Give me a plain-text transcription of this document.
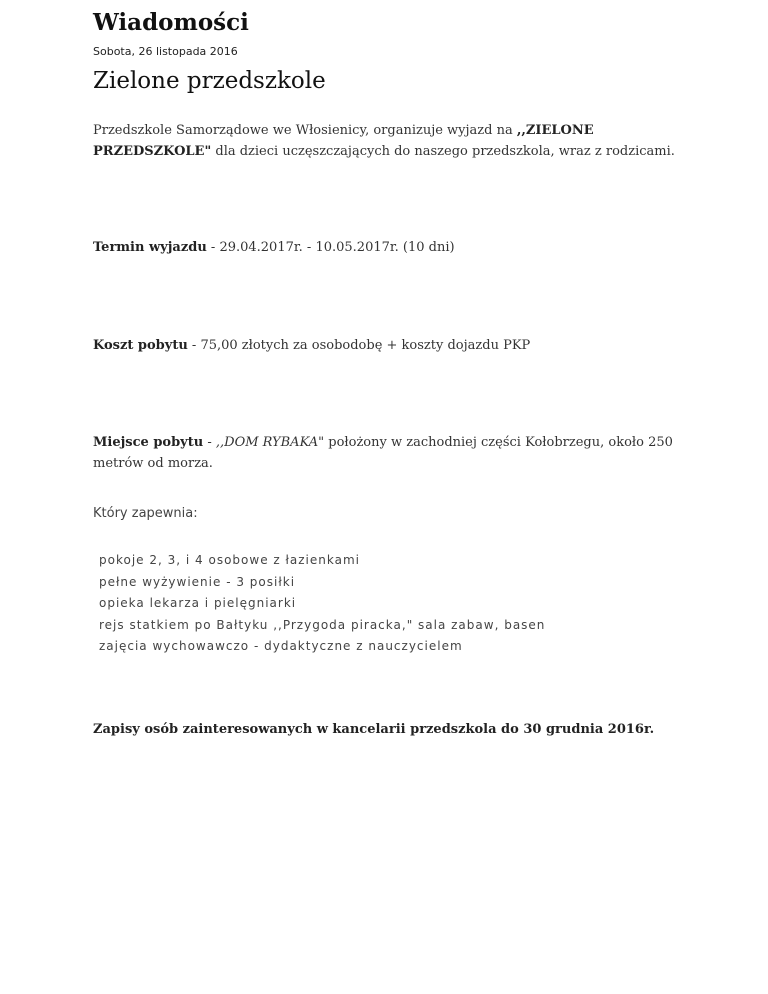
Wiadomości
Sobota, 26 listopada 2016
Zielone przedszkole

Przedszkole Samorządowe we Włosienicy, organizuje wyjazd na ,,ZIELONE PRZEDSZKOLE" dla dzieci uczęszczających do naszego przedszkola, wraz z rodzicami.

Termin wyjazdu - 29.04.2017r. - 10.05.2017r. (10 dni)

Koszt pobytu - 75,00 złotych za osobodobę + koszty dojazdu PKP

Miejsce pobytu - ,,DOM RYBAKA" położony w zachodniej części Kołobrzegu, około 250 metrów od morza.

Który zapewnia:

pokoje 2, 3, i 4 osobowe z łazienkami
pełne wyżywienie - 3 posiłki
opieka lekarza i pielęgniarki
rejs statkiem po Bałtyku ,,Przygoda piracka," sala zabaw, basen
zajęcia wychowawczo - dydaktyczne z nauczycielem

Zapisy osób zainteresowanych w kancelarii przedszkola do 30 grudnia 2016r.
